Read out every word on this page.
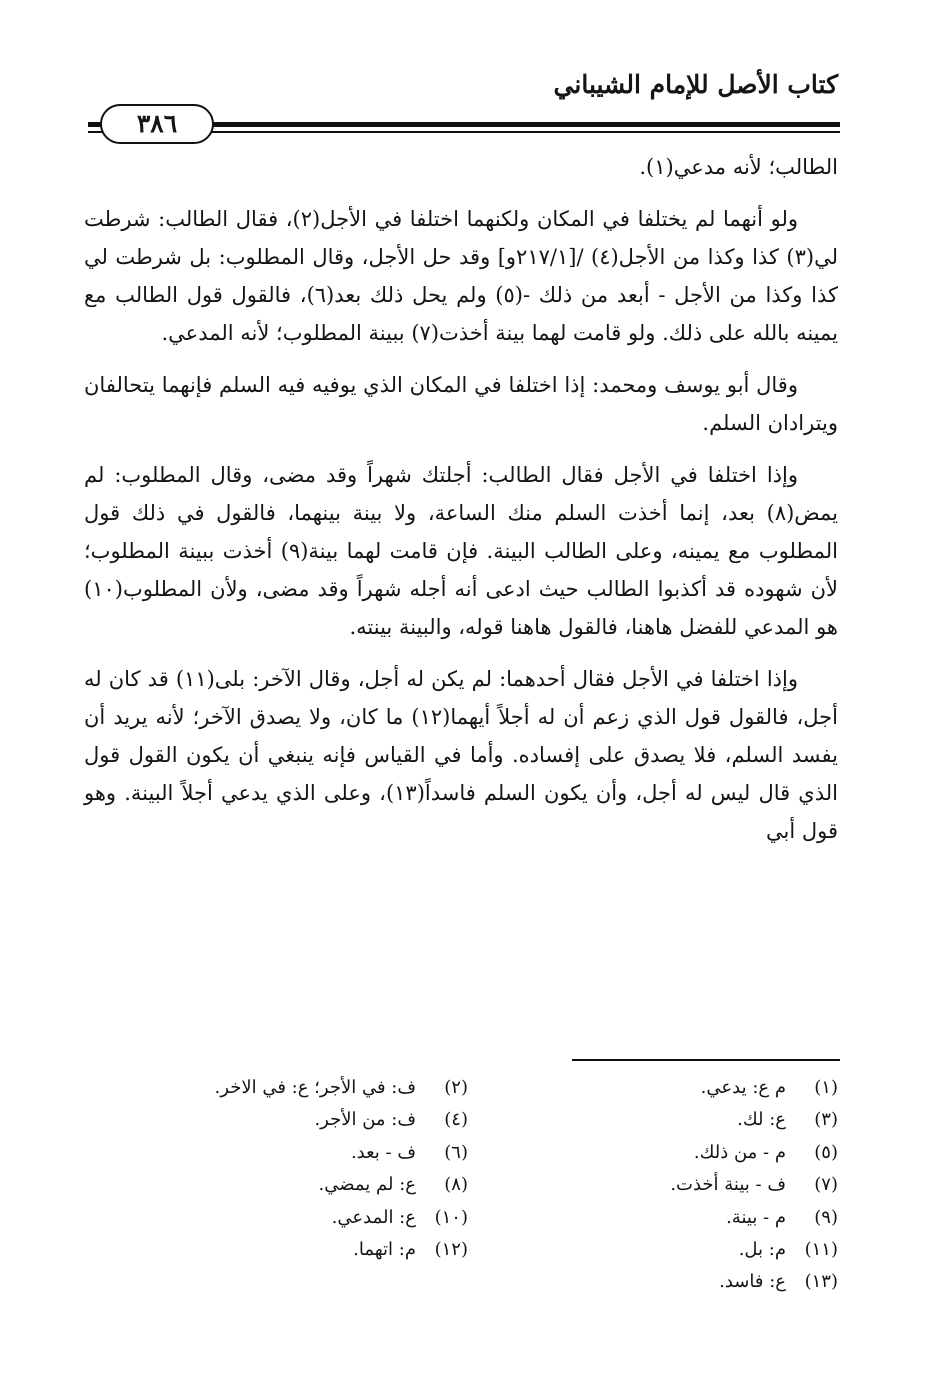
كتاب الأصل للإمام الشيباني
٣٨٦

الطالب؛ لأنه مدعي(١).

ولو أنهما لم يختلفا في المكان ولكنهما اختلفا في الأجل(٢)، فقال الطالب: شرطت لي(٣) كذا وكذا من الأجل(٤) /[٢١٧/١و] وقد حل الأجل، وقال المطلوب: بل شرطت لي كذا وكذا من الأجل - أبعد من ذلك -(٥) ولم يحل ذلك بعد(٦)، فالقول قول الطالب مع يمينه بالله على ذلك. ولو قامت لهما بينة أخذت(٧) ببينة المطلوب؛ لأنه المدعي.

وقال أبو يوسف ومحمد: إذا اختلفا في المكان الذي يوفيه فيه السلم فإنهما يتحالفان ويترادان السلم.

وإذا اختلفا في الأجل فقال الطالب: أجلتك شهراً وقد مضى، وقال المطلوب: لم يمض(٨) بعد، إنما أخذت السلم منك الساعة، ولا بينة بينهما، فالقول في ذلك قول المطلوب مع يمينه، وعلى الطالب البينة. فإن قامت لهما بينة(٩) أخذت ببينة المطلوب؛ لأن شهوده قد أكذبوا الطالب حيث ادعى أنه أجله شهراً وقد مضى، ولأن المطلوب(١٠) هو المدعي للفضل هاهنا، فالقول هاهنا قوله، والبينة بينته.

وإذا اختلفا في الأجل فقال أحدهما: لم يكن له أجل، وقال الآخر: بلى(١١) قد كان له أجل، فالقول قول الذي زعم أن له أجلاً أيهما(١٢) ما كان، ولا يصدق الآخر؛ لأنه يريد أن يفسد السلم، فلا يصدق على إفساده. وأما في القياس فإنه ينبغي أن يكون القول قول الذي قال ليس له أجل، وأن يكون السلم فاسداً(١٣)، وعلى الذي يدعي أجلاً البينة. وهو قول أبي

(١)م ع: يدعي.
(٣)ع: لك.
(٥)م - من ذلك.
(٧)ف - بينة أخذت.
(٩)م - بينة.
(١١)م: بل.
(١٣)ع: فاسد.
(٢)ف: في الأجر؛ ع: في الاخر.
(٤)ف: من الأجر.
(٦)ف - بعد.
(٨)ع: لم يمضي.
(١٠)ع: المدعي.
(١٢)م: اتهما.
